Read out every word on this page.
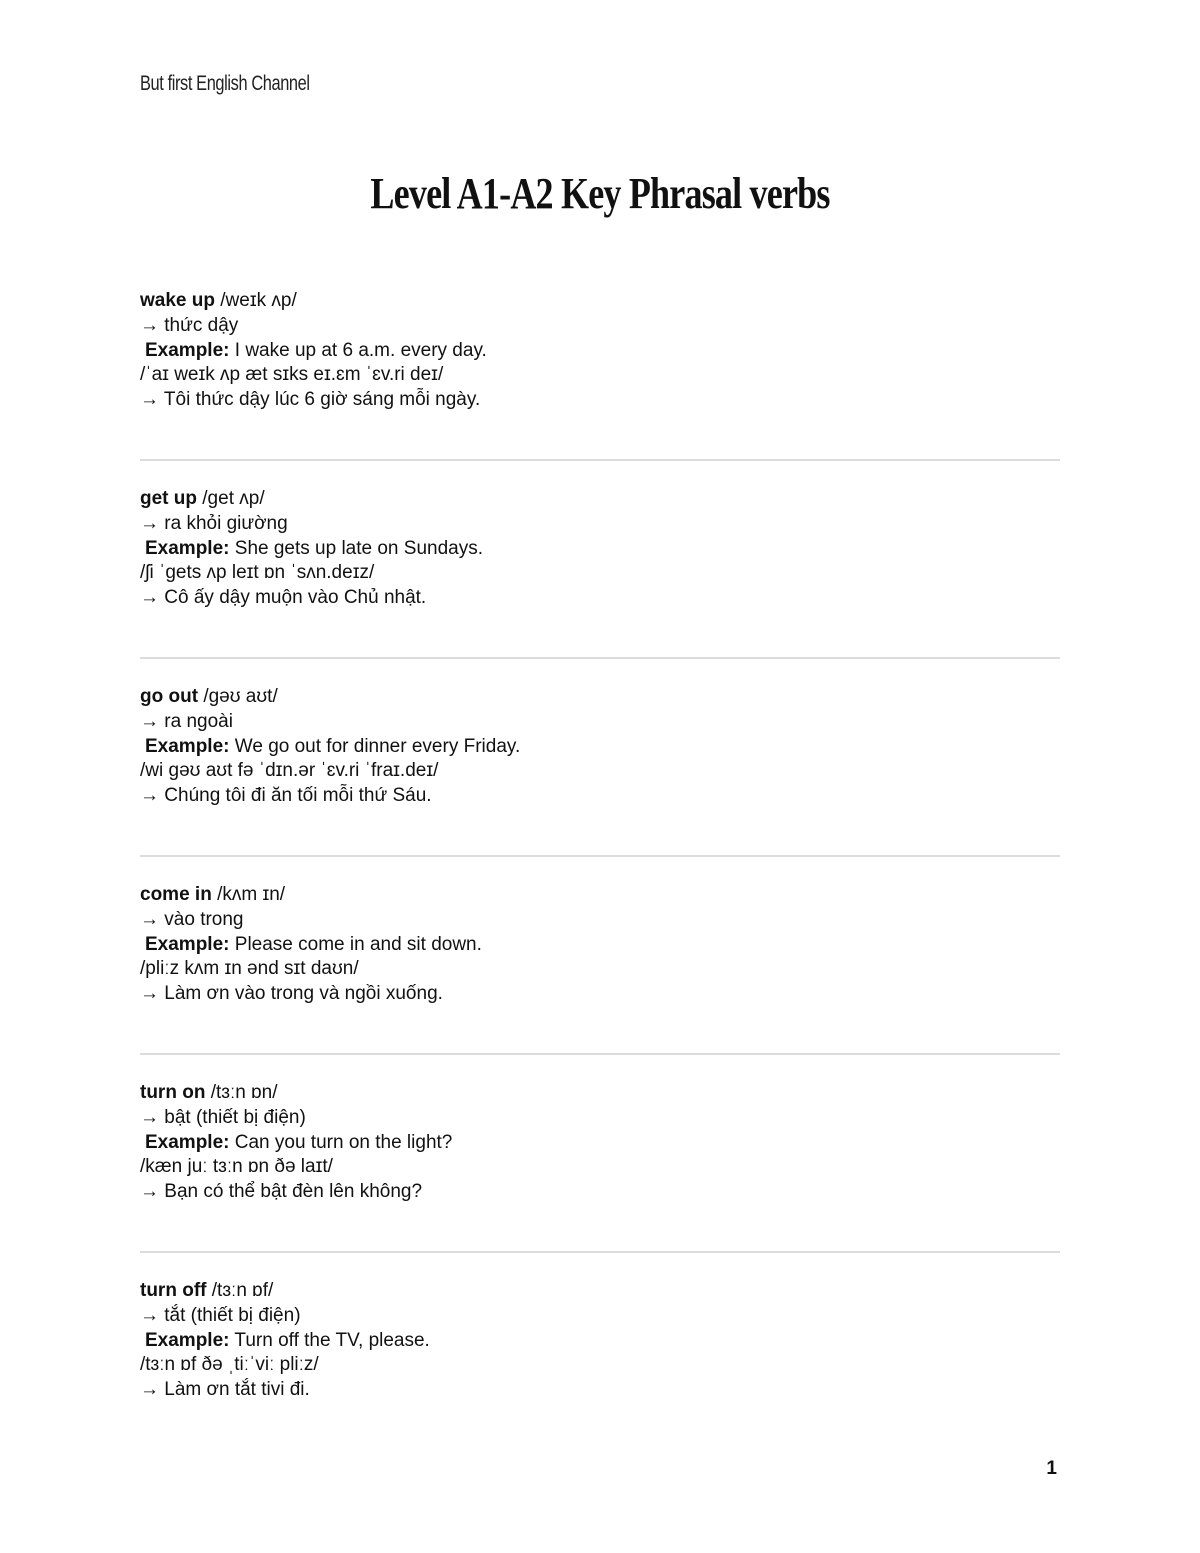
But first English Channel
Level A1-A2 Key Phrasal verbs
wake up /weɪk ʌp/
→ thức dậy
Example: I wake up at 6 a.m. every day.
/ˈaɪ weɪk ʌp æt sɪks eɪ.ɛm ˈɛv.ri deɪ/
→ Tôi thức dậy lúc 6 giờ sáng mỗi ngày.
get up /get ʌp/
→ ra khỏi giường
Example: She gets up late on Sundays.
/ʃi ˈgets ʌp leɪt ɒn ˈsʌn.deɪz/
→ Cô ấy dậy muộn vào Chủ nhật.
go out /gəʊ aʊt/
→ ra ngoài
Example: We go out for dinner every Friday.
/wi gəʊ aʊt fə ˈdɪn.ər ˈɛv.ri ˈfraɪ.deɪ/
→ Chúng tôi đi ăn tối mỗi thứ Sáu.
come in /kʌm ɪn/
→ vào trong
Example: Please come in and sit down.
/pliːz kʌm ɪn ənd sɪt daʊn/
→ Làm ơn vào trong và ngồi xuống.
turn on /tɜːn ɒn/
→ bật (thiết bị điện)
Example: Can you turn on the light?
/kæn juː tɜːn ɒn ðə laɪt/
→ Bạn có thể bật đèn lên không?
turn off /tɜːn ɒf/
→ tắt (thiết bị điện)
Example: Turn off the TV, please.
/tɜːn ɒf ðə ˌtiːˈviː pliːz/
→ Làm ơn tắt tivi đi.
1
